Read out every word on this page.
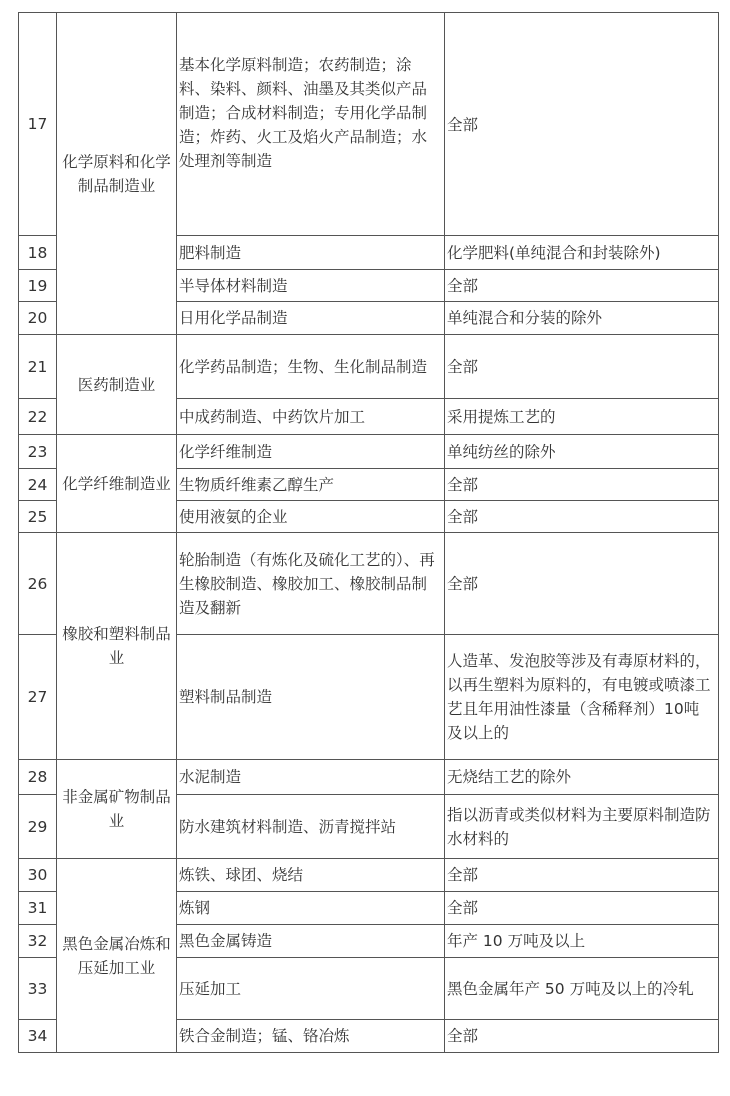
17	化学原料和化学制品制造业	基本化学原料制造；农药制造；涂料、染料、颜料、油墨及其类似产品制造；合成材料制造；专用化学品制造；炸药、火工及焰火产品制造；水处理剂等制造	全部
18		肥料制造	化学肥料(单纯混合和封装除外)
19		半导体材料制造	全部
20		日用化学品制造	单纯混合和分装的除外
21	医药制造业	化学药品制造；生物、生化制品制造	全部
22		中成药制造、中药饮片加工	采用提炼工艺的
23	化学纤维制造业	化学纤维制造	单纯纺丝的除外
24		生物质纤维素乙醇生产	全部
25		使用液氨的企业	全部
26	橡胶和塑料制品业	轮胎制造（有炼化及硫化工艺的）、再生橡胶制造、橡胶加工、橡胶制品制造及翻新	全部
27		塑料制品制造	人造革、发泡胶等涉及有毒原材料的，以再生塑料为原料的，有电镀或喷漆工艺且年用油性漆量（含稀释剂）10吨及以上的
28	非金属矿物制品业	水泥制造	无烧结工艺的除外
29		防水建筑材料制造、沥青搅拌站	指以沥青或类似材料为主要原料制造防水材料的
30	黑色金属冶炼和压延加工业	炼铁、球团、烧结	全部
31		炼钢	全部
32		黑色金属铸造	年产 10 万吨及以上
33		压延加工	黑色金属年产 50 万吨及以上的冷轧
34		铁合金制造；锰、铬冶炼	全部
